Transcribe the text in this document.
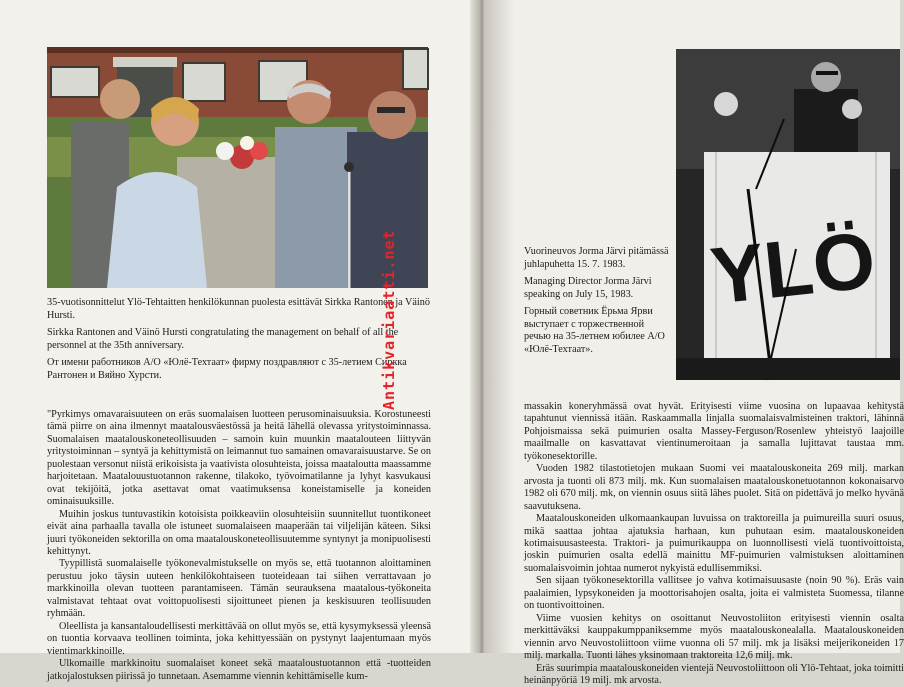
35-vuotisonnittelut Ylö-Tehtaitten henkilökunnan puolesta esittävät Sirkka Rantonen ja Väinö Hursti.

Sirkka Rantonen and Väinö Hursti congratulating the management on behalf of all the personnel at the 35th anniversary.

От имени работников А/О «Юлё-Техтаат» фирму поздравляют с 35-летием Сиркка Рантонен и Вяйно Хурсти.	Antikvariaatti.net

"Pyrkimys omavaraisuuteen on eräs suomalaisen luotteen perusominaisuuksia. Korostuneesti tämä piirre on aina ilmennyt maatalousväestössä ja heitä lähellä olevassa yritystoiminnassa. Suomalaisen maatalouskoneteollisuuden – samoin kuin muunkin maatalouteen liittyvän yritystoiminnan – syntyä ja kehittymistä on leimannut tuo samainen omavaraisuustarve. Se on puolestaan versonut niistä erikoisista ja vaativista olosuhteista, joissa maataloutta maassamme harjoitetaan. Maatalouustuotannon rakenne, tilakoko, työvoimatilanne ja lyhyt kasvukausi ovat tekijöitä, jotka asettavat omat vaatimuksensa koneistamiselle ja koneiden ominaisuuksille.

Muihin joskus tuntuvastikin kotoisista poikkeaviin olosuhteisiin suunnitellut tuontikoneet eivät aina parhaalla tavalla ole istuneet suomalaiseen maaperään tai viljelijän käteen. Siksi juuri työkoneiden sektorilla on oma maatalouskoneteollisuutemme syntynyt ja monipuolisesti kehittynyt.

Tyypillistä suomalaiselle työkonevalmistukselle on myös se, että tuotannon aloittaminen perustuu joko täysin uuteen henkilökohtaiseen tuoteideaan tai siihen verrattavaan jo markkinoilla olevan tuotteen parantamiseen. Tämän seurauksena maatalous-työkoneita valmistavat tehtaat ovat voittopuolisesti sijoittuneet pienen ja keskisuuren teollisuuden ryhmään.

Oleellista ja kansantaloudellisesti merkittävää on ollut myös se, että kysymyksessä yleensä on tuontia korvaava teollinen toiminta, joka kehittyessään on pystynyt laajentumaan myös vientimarkkinoille.

Ulkomaille markkinoitu suomalaiset koneet sekä maataloustuotannon että -tuotteiden jatkojalostuksen piirissä jo tunnetaan. Asemamme viennin kehittämiselle kum-

Vuorineuvos Jorma Järvi pitämässä juhlapuhetta 15. 7. 1983.

Managing Director Jorma Järvi speaking on July 15, 1983.

Горный советник Ёрьма Ярви выступает с торжественной речью на 35-летнем юбилее А/О «Юлё-Техтаат».

YLÖ

massakin koneryhmässä ovat hyvät. Erityisesti viime vuosina on lupaavaa kehitystä tapahtunut viennissä itään. Raskaammalla linjalla suomalaisvalmisteinen traktori, lähinnä Pohjoismaissa sekä puimurien osalta Massey-Ferguson/Rosenlew yhteistyö laajoille maailmalle on kasvattavat vientinumeroitaan ja samalla lujittavat taustaa mm. työkonesektorille.

Vuoden 1982 tilastotietojen mukaan Suomi vei maatalouskoneita 269 milj. markan arvosta ja tuonti oli 873 milj. mk. Kun suomalaisen maatalouskonetuotannon kokonaisarvo 1982 oli 670 milj. mk, on viennin osuus siitä lähes puolet. Sitä on pidettävä jo melko hyvänä saavutuksena.

Maatalouskoneiden ulkomaankaupan luvuissa on traktoreilla ja puimureilla suuri osuus, mikä saattaa johtaa ajatuksia harhaan, kun puhutaan esim. maatalouskoneiden kotimaisuusasteesta. Traktori- ja puimurikauppa on luonnollisesti vielä tuontivoittoista, joskin puimurien osalta edellä mainittu MF-puimurien valmistuksen aloittaminen suomalaisvoimin johtaa numerot nykyistä edullisemmiksi.

Sen sijaan työkonesektorilla vallitsee jo vahva kotimaisuusaste (noin 90 %). Eräs vain paalaimien, lypsykoneiden ja moottorisahojen osalta, joita ei valmisteta Suomessa, tilanne on tuontivoittoinen.

Viime vuosien kehitys on osoittanut Neuvostoliiton erityisesti viennin osalta merkittäväksi kauppakumppaniksemme myös maatalouskonealalla. Maatalouskoneiden viennin arvo Neuvostoliittoon viime vuonna oli 57 milj. mk ja lisäksi meijerikoneiden 17 milj. markalla. Tuonti lähes yksinomaan traktoreita 12,6 milj. mk.

Eräs suurimpia maatalouskoneiden vientejä Neuvostoliittoon oli Ylö-Tehtaat, joka toimitti heinänpyöriä 19 milj. mk arvosta.
